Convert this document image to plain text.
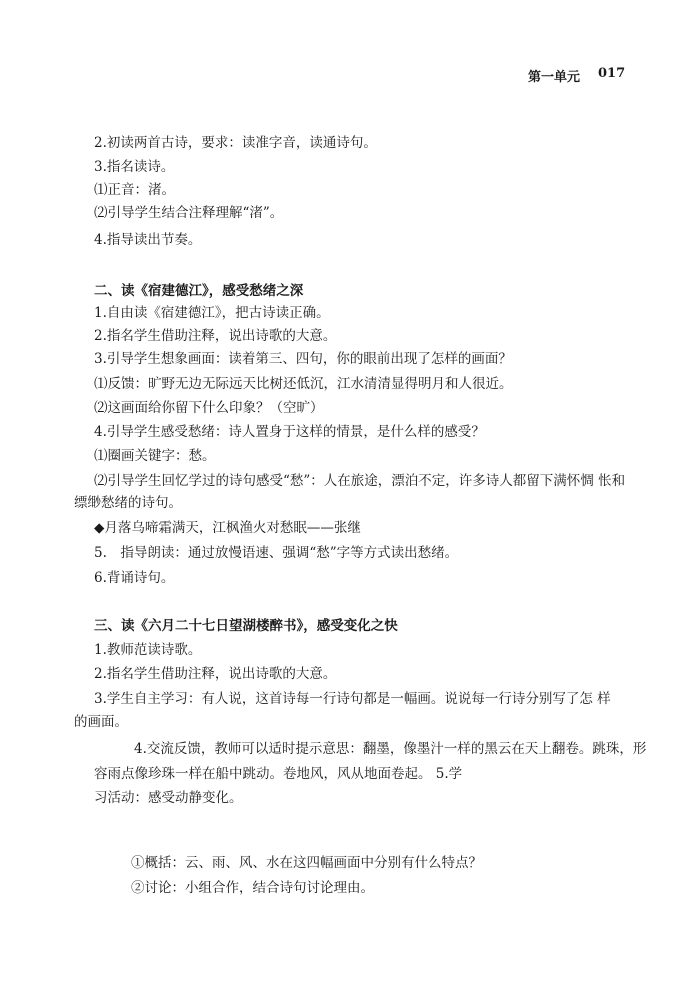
第一单元 017
2.初读两首古诗，要求：读准字音，读通诗句。
3.指名读诗。
⑴正音：渚。
⑵引导学生结合注释理解“渚”。
4.指导读出节奏。
二、读《宿建德江》，感受愁绪之深
1.自由读《宿建德江》，把古诗读正确。
2.指名学生借助注释，说出诗歌的大意。
3.引导学生想象画面：读着第三、四句，你的眼前出现了怎样的画面？
⑴反馈：旷野无边无际远天比树还低沉，江水清清显得明月和人很近。
⑵这画面给你留下什么印象？（空旷）
4.引导学生感受愁绪：诗人置身于这样的情景，是什么样的感受？
⑴圈画关键字：愁。
⑵引导学生回忆学过的诗句感受“愁”：人在旅途，漂泊不定，许多诗人都留下满怀惆 怅和
缥缈愁绪的诗句。
◆月落乌啼霜满天，江枫渔火对愁眠——张继
5.　指导朗读：通过放慢语速、强调“愁”字等方式读出愁绪。
6.背诵诗句。
三、读《六月二十七日望湖楼醉书》，感受变化之快
1.教师范读诗歌。
2.指名学生借助注释，说出诗歌的大意。
3.学生自主学习：有人说，这首诗每一行诗句都是一幅画。说说每一行诗分别写了怎 样
的画面。
4.交流反馈，教师可以适时提示意思：翻墨，像墨汁一样的黑云在天上翻卷。跳珠，形
容雨点像珍珠一样在船中跳动。卷地风，风从地面卷起。 5.学
习活动：感受动静变化。
①概括：云、雨、风、水在这四幅画面中分别有什么特点？
②讨论：小组合作，结合诗句讨论理由。
